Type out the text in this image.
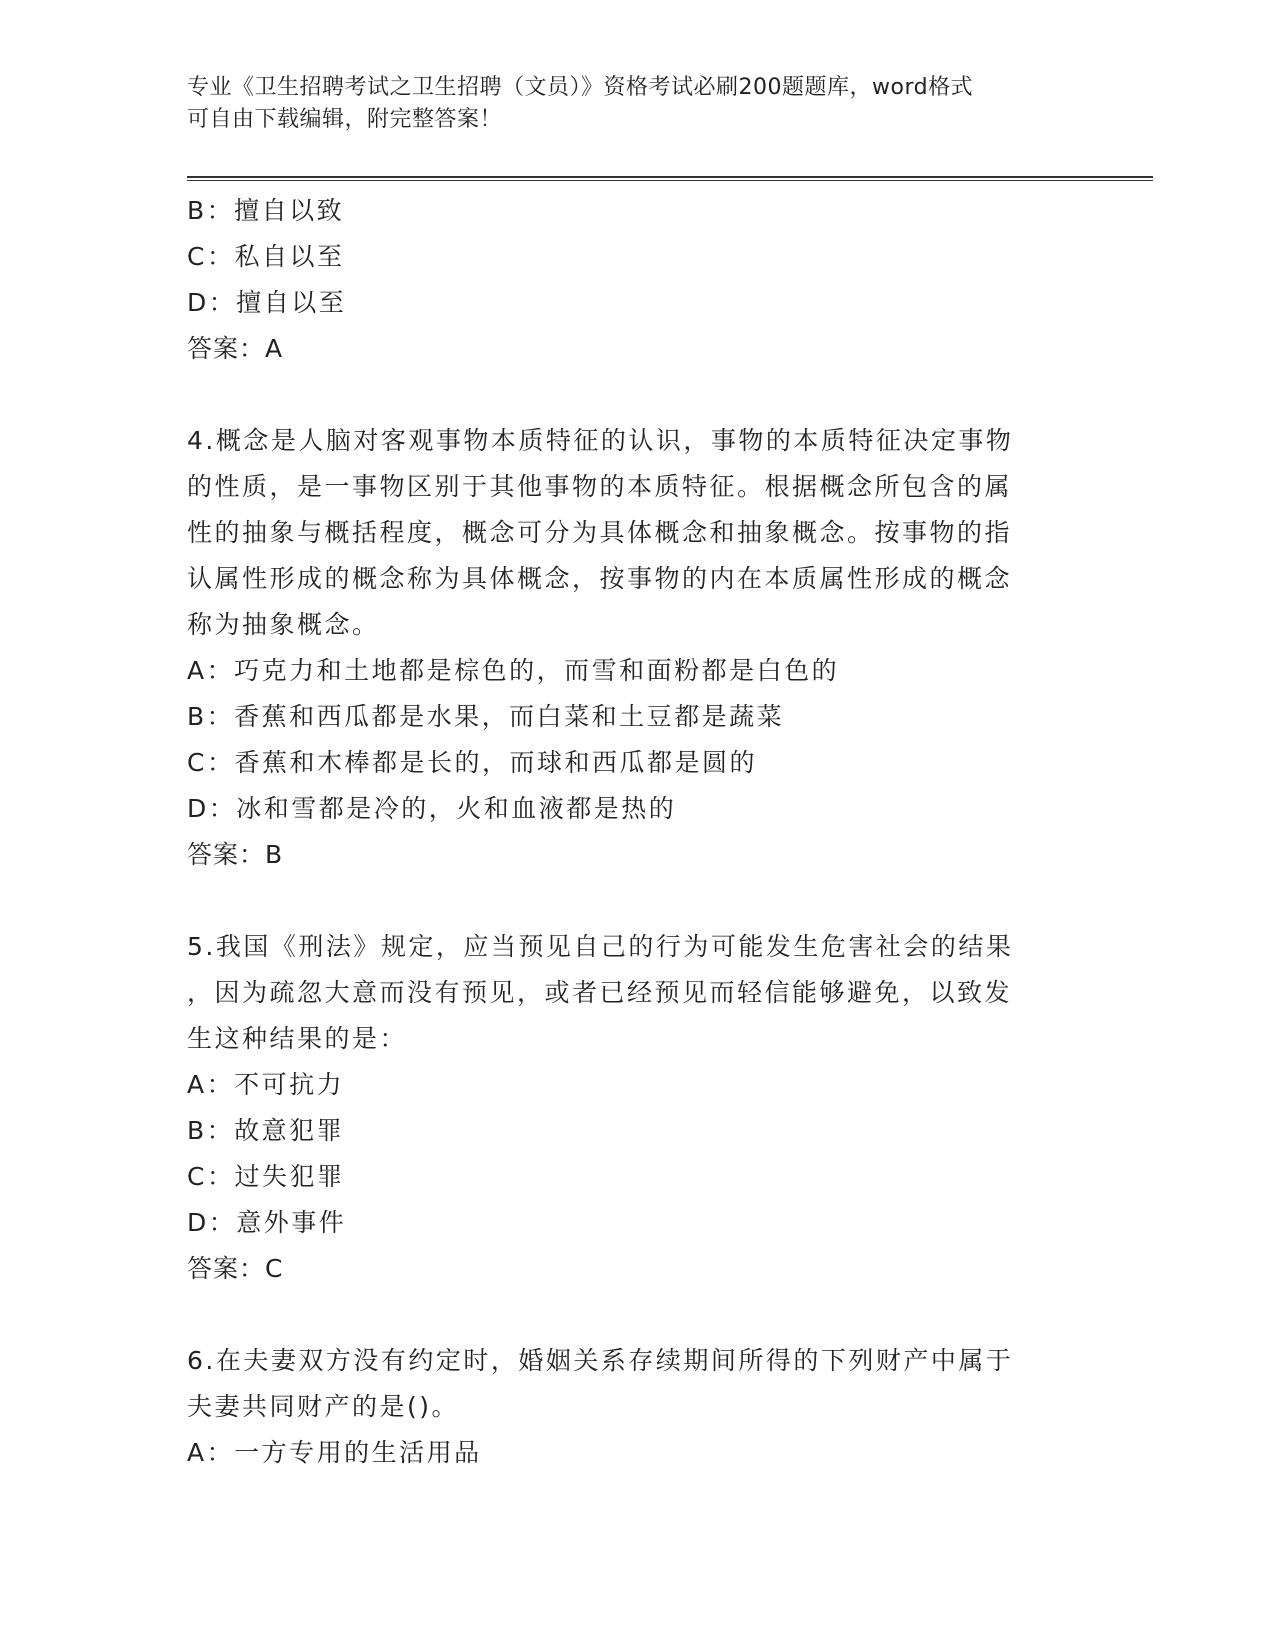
专业《卫生招聘考试之卫生招聘（文员）》资格考试必刷200题题库，word格式
可自由下载编辑，附完整答案！
B：擅自以致
C：私自以至
D：擅自以至
答案：A
4.概念是人脑对客观事物本质特征的认识，事物的本质特征决定事物
的性质，是一事物区别于其他事物的本质特征。根据概念所包含的属
性的抽象与概括程度，概念可分为具体概念和抽象概念。按事物的指
认属性形成的概念称为具体概念，按事物的内在本质属性形成的概念
称为抽象概念。
A：巧克力和土地都是棕色的，而雪和面粉都是白色的
B：香蕉和西瓜都是水果，而白菜和土豆都是蔬菜
C：香蕉和木棒都是长的，而球和西瓜都是圆的
D：冰和雪都是冷的，火和血液都是热的
答案：B
5.我国《刑法》规定，应当预见自己的行为可能发生危害社会的结果
，因为疏忽大意而没有预见，或者已经预见而轻信能够避免，以致发
生这种结果的是：
A：不可抗力
B：故意犯罪
C：过失犯罪
D：意外事件
答案：C
6.在夫妻双方没有约定时，婚姻关系存续期间所得的下列财产中属于
夫妻共同财产的是()。
A：一方专用的生活用品
